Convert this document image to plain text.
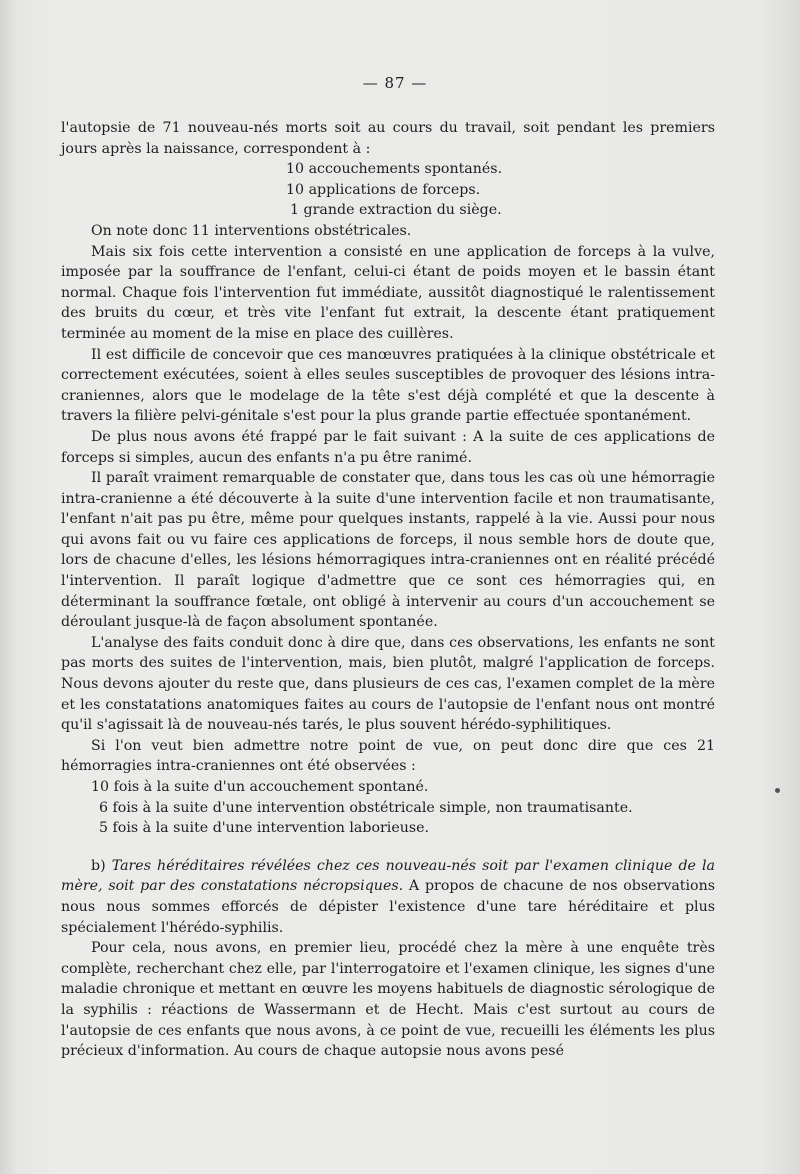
— 87 —

l'autopsie de 71 nouveau-nés morts soit au cours du travail, soit pendant les premiers jours après la naissance, correspondent à :

10 accouchements spontanés.
10 applications de forceps.
1 grande extraction du siège.

On note donc 11 interventions obstétricales.

Mais six fois cette intervention a consisté en une application de forceps à la vulve, imposée par la souffrance de l'enfant, celui-ci étant de poids moyen et le bassin étant normal. Chaque fois l'intervention fut immédiate, aussitôt diagnostiqué le ralentissement des bruits du cœur, et très vite l'enfant fut extrait, la descente étant pratiquement terminée au moment de la mise en place des cuillères.

Il est difficile de concevoir que ces manœuvres pratiquées à la clinique obstétricale et correctement exécutées, soient à elles seules susceptibles de provoquer des lésions intra-craniennes, alors que le modelage de la tête s'est déjà complété et que la descente à travers la filière pelvi-génitale s'est pour la plus grande partie effectuée spontanément.

De plus nous avons été frappé par le fait suivant : A la suite de ces applications de forceps si simples, aucun des enfants n'a pu être ranimé.

Il paraît vraiment remarquable de constater que, dans tous les cas où une hémorragie intra-cranienne a été découverte à la suite d'une intervention facile et non traumatisante, l'enfant n'ait pas pu être, même pour quelques instants, rappelé à la vie. Aussi pour nous qui avons fait ou vu faire ces applications de forceps, il nous semble hors de doute que, lors de chacune d'elles, les lésions hémorragiques intra-craniennes ont en réalité précédé l'intervention. Il paraît logique d'admettre que ce sont ces hémorragies qui, en déterminant la souffrance fœtale, ont obligé à intervenir au cours d'un accouchement se déroulant jusque-là de façon absolument spontanée.

L'analyse des faits conduit donc à dire que, dans ces observations, les enfants ne sont pas morts des suites de l'intervention, mais, bien plutôt, malgré l'application de forceps. Nous devons ajouter du reste que, dans plusieurs de ces cas, l'examen complet de la mère et les constatations anatomiques faites au cours de l'autopsie de l'enfant nous ont montré qu'il s'agissait là de nouveau-nés tarés, le plus souvent hérédo-syphilitiques.

Si l'on veut bien admettre notre point de vue, on peut donc dire que ces 21 hémorragies intra-craniennes ont été observées :

10 fois à la suite d'un accouchement spontané.
6 fois à la suite d'une intervention obstétricale simple, non traumatisante.
5 fois à la suite d'une intervention laborieuse.

b) Tares héréditaires révélées chez ces nouveau-nés soit par l'examen clinique de la mère, soit par des constatations nécropsiques. A propos de chacune de nos observations nous nous sommes efforcés de dépister l'existence d'une tare héréditaire et plus spécialement l'hérédo-syphilis.

Pour cela, nous avons, en premier lieu, procédé chez la mère à une enquête très complète, recherchant chez elle, par l'interrogatoire et l'examen clinique, les signes d'une maladie chronique et mettant en œuvre les moyens habituels de diagnostic sérologique de la syphilis : réactions de Wassermann et de Hecht. Mais c'est surtout au cours de l'autopsie de ces enfants que nous avons, à ce point de vue, recueilli les éléments les plus précieux d'information. Au cours de chaque autopsie nous avons pesé
